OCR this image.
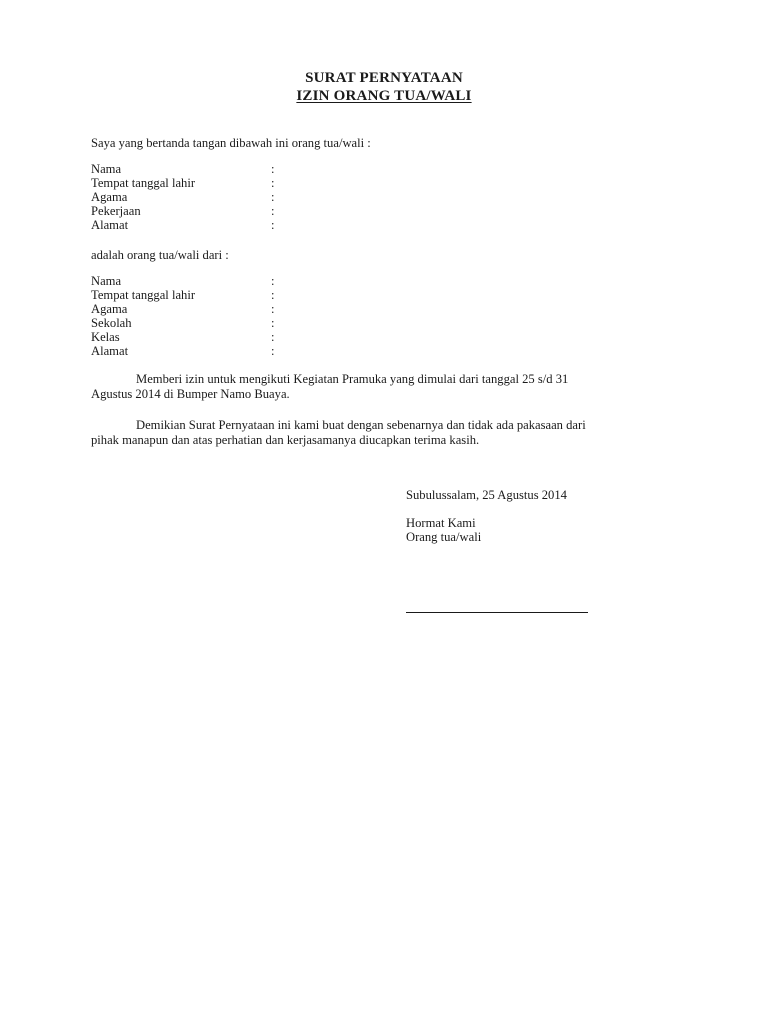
SURAT PERNYATAAN
IZIN ORANG TUA/WALI
Saya yang bertanda tangan dibawah ini orang tua/wali :
Nama	:
Tempat tanggal lahir	:
Agama	:
Pekerjaan	:
Alamat	:
adalah orang tua/wali dari :
Nama	:
Tempat tanggal lahir	:
Agama	:
Sekolah	:
Kelas	:
Alamat	:
Memberi izin untuk mengikuti Kegiatan Pramuka yang dimulai dari tanggal 25 s/d 31
Agustus 2014 di Bumper Namo Buaya.
Demikian Surat Pernyataan ini kami buat dengan sebenarnya dan tidak ada pakasaan dari
pihak manapun dan atas perhatian dan kerjasamanya diucapkan terima kasih.
Subulussalam, 25 Agustus 2014
Hormat Kami
Orang tua/wali
